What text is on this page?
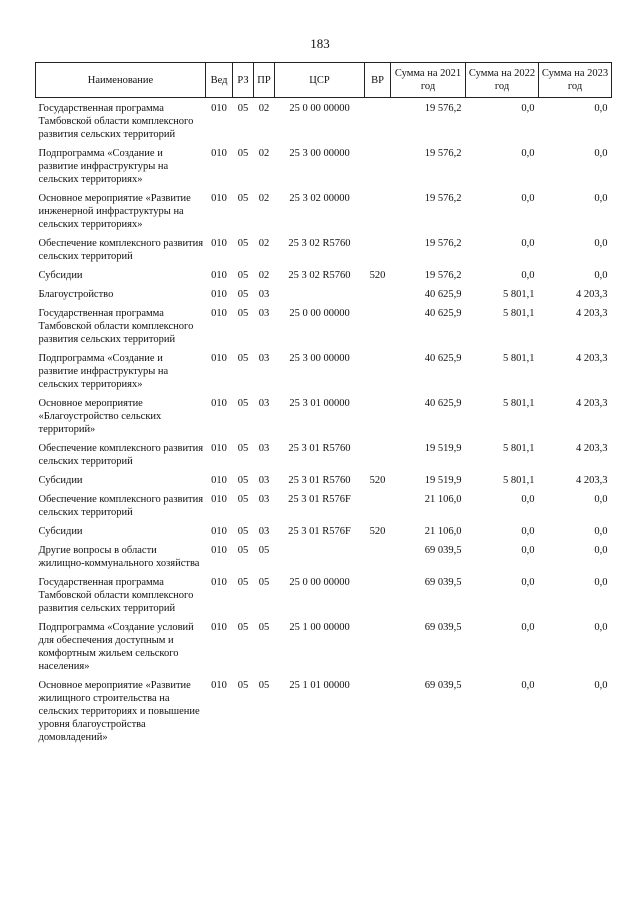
183
Наименование	Вед	РЗ	ПР	ЦСР	ВР	Сумма на 2021 год	Сумма на 2022 год	Сумма на 2023 год
Государственная программа Тамбовской области комплексного развития сельских территорий	010	05	02	25 0 00 00000		19 576,2	0,0	0,0
Подпрограмма «Создание и развитие инфраструктуры на сельских территориях»	010	05	02	25 3 00 00000		19 576,2	0,0	0,0
Основное мероприятие «Развитие инженерной инфраструктуры на сельских территориях»	010	05	02	25 3 02 00000		19 576,2	0,0	0,0
Обеспечение комплексного развития сельских территорий	010	05	02	25 3 02 R5760		19 576,2	0,0	0,0
Субсидии	010	05	02	25 3 02 R5760	520	19 576,2	0,0	0,0
Благоустройство	010	05	03			40 625,9	5 801,1	4 203,3
Государственная программа Тамбовской области комплексного развития сельских территорий	010	05	03	25 0 00 00000		40 625,9	5 801,1	4 203,3
Подпрограмма «Создание и развитие инфраструктуры на сельских территориях»	010	05	03	25 3 00 00000		40 625,9	5 801,1	4 203,3
Основное мероприятие «Благоустройство сельских территорий»	010	05	03	25 3 01 00000		40 625,9	5 801,1	4 203,3
Обеспечение комплексного развития сельских территорий	010	05	03	25 3 01 R5760		19 519,9	5 801,1	4 203,3
Субсидии	010	05	03	25 3 01 R5760	520	19 519,9	5 801,1	4 203,3
Обеспечение комплексного развития сельских территорий	010	05	03	25 3 01 R576F		21 106,0	0,0	0,0
Субсидии	010	05	03	25 3 01 R576F	520	21 106,0	0,0	0,0
Другие вопросы в области жилищно-коммунального хозяйства	010	05	05			69 039,5	0,0	0,0
Государственная программа Тамбовской области комплексного развития сельских территорий	010	05	05	25 0 00 00000		69 039,5	0,0	0,0
Подпрограмма «Создание условий для обеспечения доступным и комфортным жильем сельского населения»	010	05	05	25 1 00 00000		69 039,5	0,0	0,0
Основное мероприятие «Развитие жилищного строительства на сельских территориях и повышение уровня благоустройства домовладений»	010	05	05	25 1 01 00000		69 039,5	0,0	0,0
